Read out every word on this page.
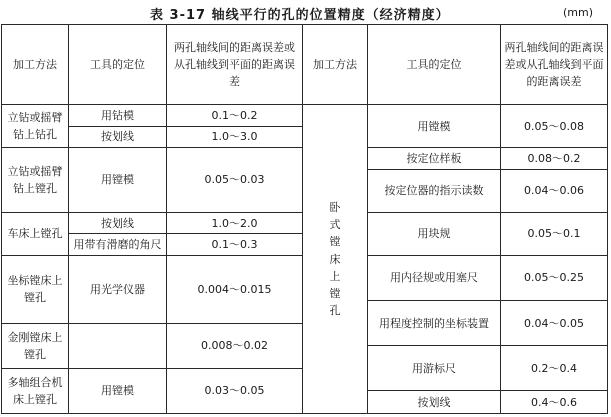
表 3-17 轴线平行的孔的位置精度（经济精度）	(mm)
加工方法	工具的定位	两孔轴线间的距离误差或从孔轴线到平面的距离误差	加工方法	工具的定位	两孔轴线间的距离误差或从孔轴线到平面的距离误差
立钻或摇臂钻上钻孔	用钻模	0.1～0.2	卧式镗床上镗孔	用镗模	0.05～0.08
	按划线	1.0～3.0			
立钻或摇臂钻上镗孔	用镗模	0.05～0.03		按定位样板	0.08～0.2
				按定位器的指示读数	0.04～0.06

车床上镗孔	按划线	1.0～2.0		用块规	0.05～0.1
	用带有滑磨的角尺	0.1～0.3			
坐标镗床上镗孔	用光学仪器	0.004～0.015		用内径规或用塞尺	0.05～0.25

				用程度控制的坐标装置	0.04～0.05
金刚镗床上镗孔		0.008～0.02			
				用游标尺	0.2～0.4
多轴组合机床上镗孔	用镗模	0.03～0.05			
				按划线	0.4～0.6
